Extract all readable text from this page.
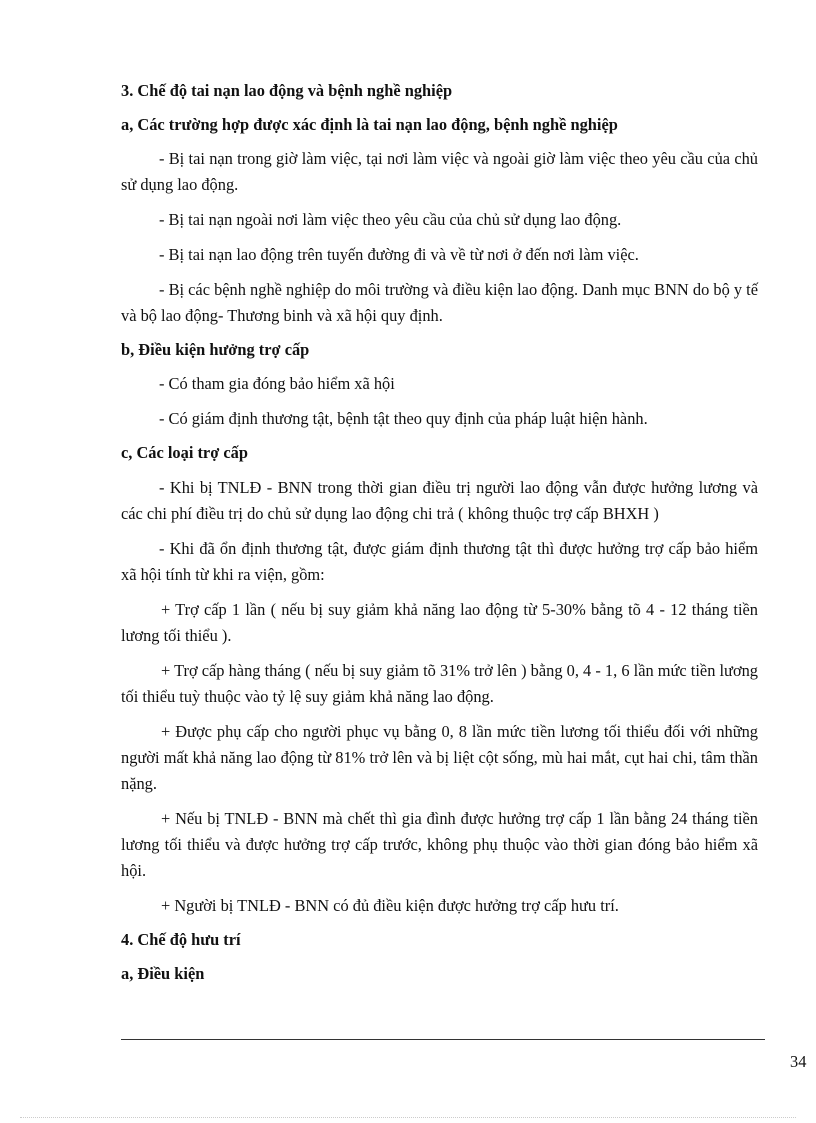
3. Chế độ tai nạn lao động và bệnh nghề nghiệp

a, Các trường hợp được xác định là tai nạn lao động, bệnh nghề nghiệp

- Bị tai nạn trong giờ làm việc, tại nơi làm việc và ngoài giờ làm việc theo yêu cầu của chủ sử dụng lao động.

- Bị tai nạn ngoài nơi làm việc theo yêu cầu của chủ sử dụng lao động.

- Bị tai nạn lao động trên tuyến đường đi và về từ nơi ở đến nơi làm việc.

- Bị các bệnh nghề nghiệp do môi trường và điều kiện lao động. Danh mục BNN do bộ y tế và bộ lao động- Thương binh và xã hội quy định.

b, Điều kiện hưởng trợ cấp

- Có tham gia đóng bảo hiểm xã hội

- Có giám định thương tật, bệnh tật theo quy định của pháp luật hiện hành.

c, Các loại trợ cấp

- Khi bị TNLĐ - BNN trong thời gian điều trị người lao động vẫn được hưởng lương và các chi phí điều trị do chủ sử dụng lao động chi trả ( không thuộc trợ cấp BHXH )

- Khi đã ổn định thương tật, được giám định thương tật thì được hưởng trợ cấp bảo hiểm xã hội tính từ khi ra viện, gồm:

+ Trợ cấp 1 lần ( nếu bị suy giảm khả năng lao động từ 5-30% bằng tõ 4 - 12 tháng tiền lương tối thiểu ).

+ Trợ cấp hàng tháng ( nếu bị suy giảm tõ 31% trở lên ) bằng 0, 4 - 1, 6 lần mức tiền lương tối thiểu tuỳ thuộc vào tỷ lệ suy giảm khả năng lao động.

+ Được phụ cấp cho người phục vụ bằng 0, 8 lần mức tiền lương tối thiểu đối với những người mất khả năng lao động từ 81% trở lên và bị liệt cột sống, mù hai mắt, cụt hai chi, tâm thần nặng.

+ Nếu bị TNLĐ - BNN mà chết thì gia đình được hưởng trợ cấp 1 lần bằng 24 tháng tiền lương tối thiểu và được hưởng trợ cấp trước, không phụ thuộc vào thời gian đóng bảo hiểm xã hội.

+ Người bị TNLĐ - BNN có đủ điều kiện được hưởng trợ cấp hưu trí.

4. Chế độ hưu trí

a, Điều kiện

34
